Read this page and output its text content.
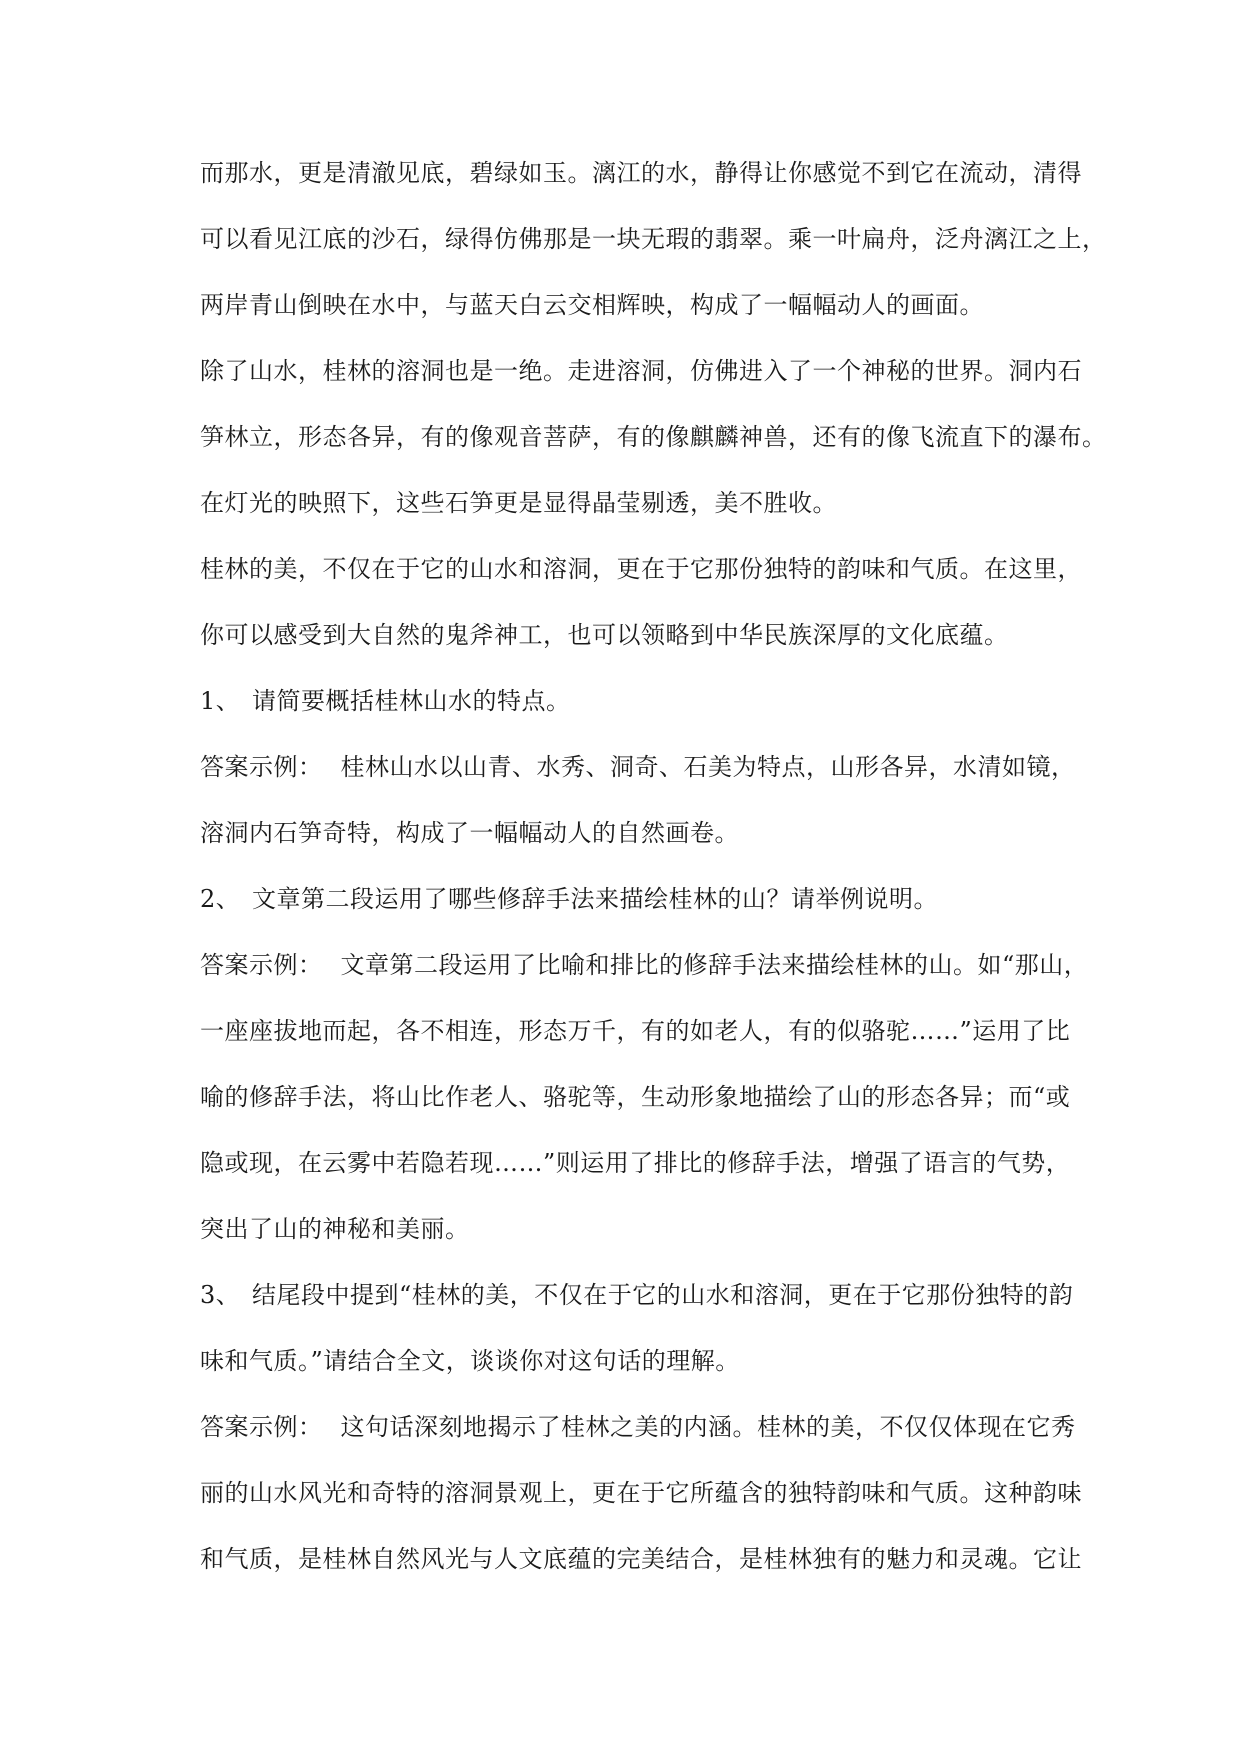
而那水，更是清澈见底，碧绿如玉。漓江的水，静得让你感觉不到它在流动，清得
可以看见江底的沙石，绿得仿佛那是一块无瑕的翡翠。乘一叶扁舟，泛舟漓江之上，
两岸青山倒映在水中，与蓝天白云交相辉映，构成了一幅幅动人的画面。
除了山水，桂林的溶洞也是一绝。走进溶洞，仿佛进入了一个神秘的世界。洞内石
笋林立，形态各异，有的像观音菩萨，有的像麒麟神兽，还有的像飞流直下的瀑布。
在灯光的映照下，这些石笋更是显得晶莹剔透，美不胜收。
桂林的美，不仅在于它的山水和溶洞，更在于它那份独特的韵味和气质。在这里，
你可以感受到大自然的鬼斧神工，也可以领略到中华民族深厚的文化底蕴。
1、 请简要概括桂林山水的特点。
答案示例： 桂林山水以山青、水秀、洞奇、石美为特点，山形各异，水清如镜，
溶洞内石笋奇特，构成了一幅幅动人的自然画卷。
2、 文章第二段运用了哪些修辞手法来描绘桂林的山？请举例说明。
答案示例： 文章第二段运用了比喻和排比的修辞手法来描绘桂林的山。如“那山，
一座座拔地而起，各不相连，形态万千，有的如老人，有的似骆驼……”运用了比
喻的修辞手法，将山比作老人、骆驼等，生动形象地描绘了山的形态各异；而“或
隐或现，在云雾中若隐若现……”则运用了排比的修辞手法，增强了语言的气势，
突出了山的神秘和美丽。
3、 结尾段中提到“桂林的美，不仅在于它的山水和溶洞，更在于它那份独特的韵
味和气质。”请结合全文，谈谈你对这句话的理解。
答案示例： 这句话深刻地揭示了桂林之美的内涵。桂林的美，不仅仅体现在它秀
丽的山水风光和奇特的溶洞景观上，更在于它所蕴含的独特韵味和气质。这种韵味
和气质，是桂林自然风光与人文底蕴的完美结合，是桂林独有的魅力和灵魂。它让
